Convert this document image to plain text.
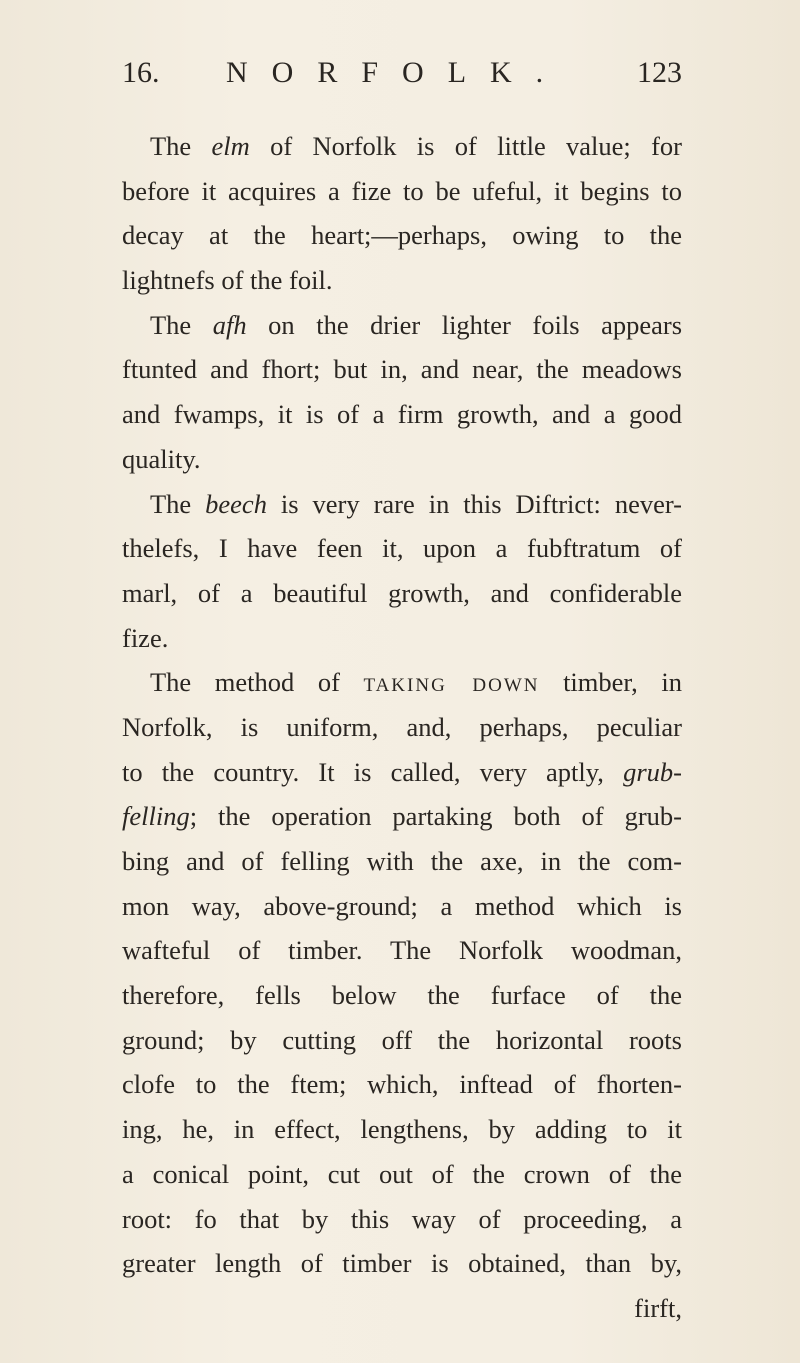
16. NORFOLK. 123
The elm of Norfolk is of little value; for
before it acquires a fize to be ufeful, it begins to
decay at the heart;—perhaps, owing to the
lightnefs of the foil.
The afh on the drier lighter foils appears
ftunted and fhort; but in, and near, the meadows
and fwamps, it is of a firm growth, and a good
quality.
The beech is very rare in this Diftrict: never-
thelefs, I have feen it, upon a fubftratum of
marl, of a beautiful growth, and confiderable
fize.
The method of taking down timber, in
Norfolk, is uniform, and, perhaps, peculiar
to the country. It is called, very aptly, grub-
felling; the operation partaking both of grub-
bing and of felling with the axe, in the com-
mon way, above-ground; a method which is
wafteful of timber. The Norfolk woodman,
therefore, fells below the furface of the
ground; by cutting off the horizontal roots
clofe to the ftem; which, inftead of fhorten-
ing, he, in effect, lengthens, by adding to it
a conical point, cut out of the crown of the
root: fo that by this way of proceeding, a
greater length of timber is obtained, than by,
firft,
